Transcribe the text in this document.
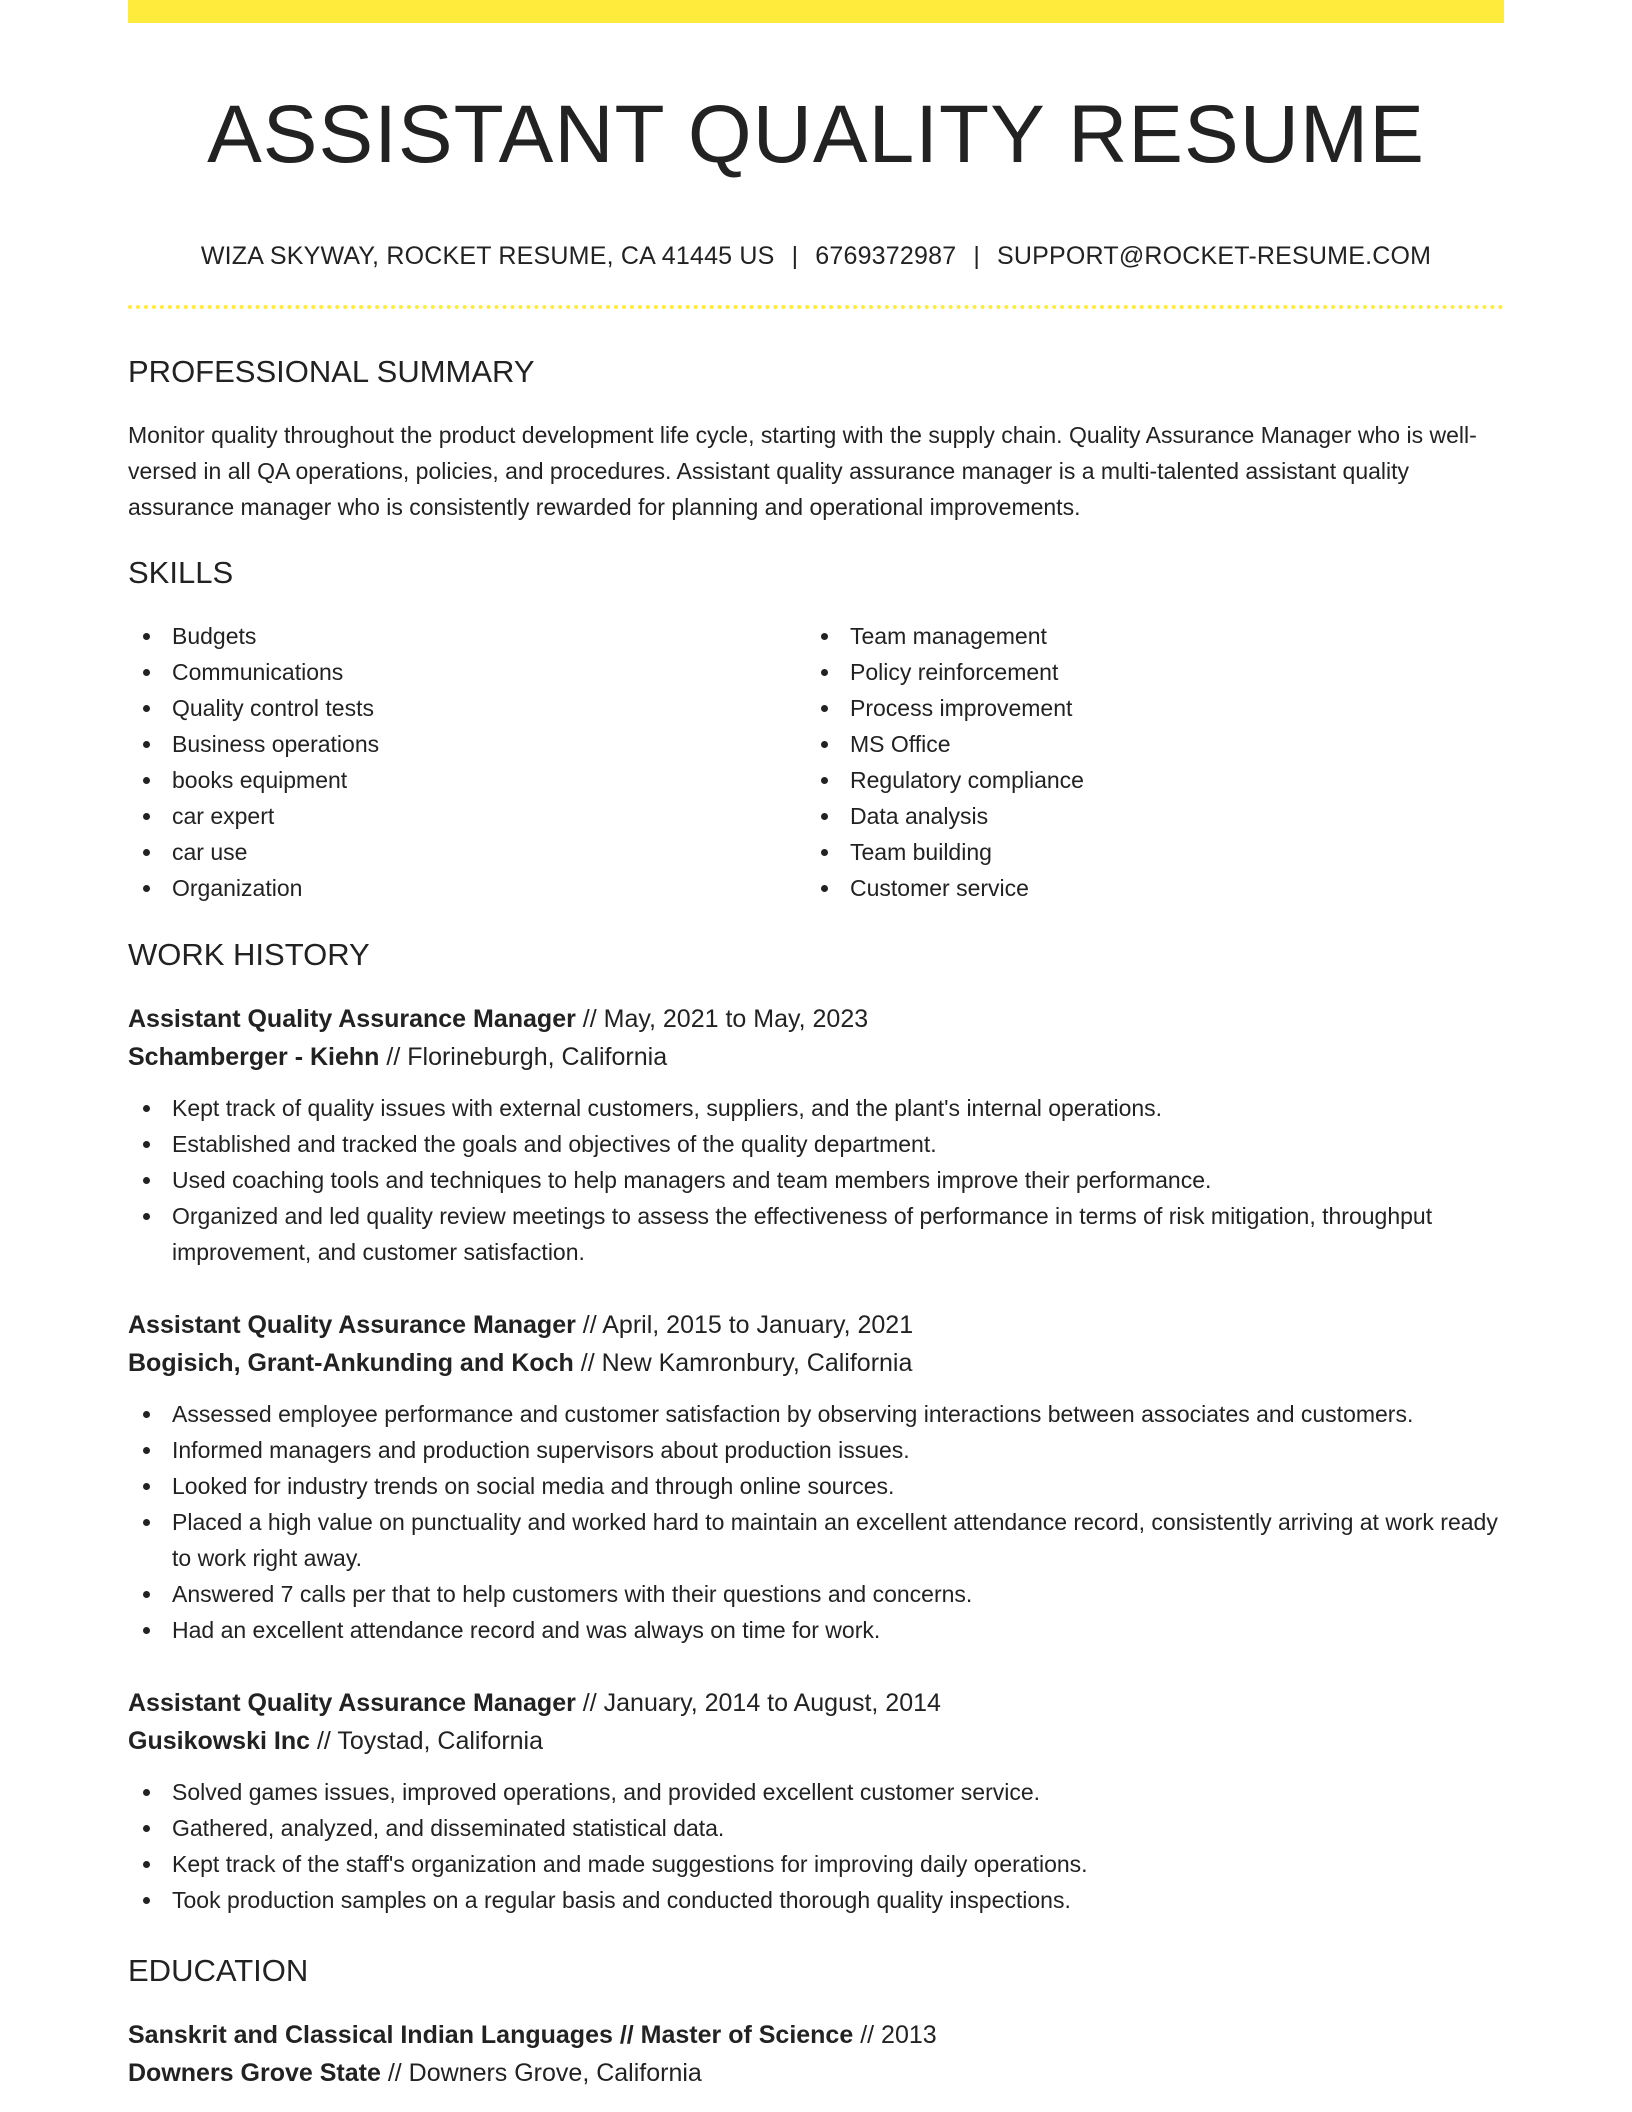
ASSISTANT QUALITY RESUME
WIZA SKYWAY, ROCKET RESUME, CA 41445 US | 6769372987 | SUPPORT@ROCKET-RESUME.COM
PROFESSIONAL SUMMARY

Monitor quality throughout the product development life cycle, starting with the supply chain. Quality Assurance Manager who is well-versed in all QA operations, policies, and procedures. Assistant quality assurance manager is a multi-talented assistant quality assurance manager who is consistently rewarded for planning and operational improvements.

SKILLS
Budgets
Communications
Quality control tests
Business operations
books equipment
car expert
car use
Organization
Team management
Policy reinforcement
Process improvement
MS Office
Regulatory compliance
Data analysis
Team building
Customer service
WORK HISTORY
Assistant Quality Assurance Manager // May, 2021 to May, 2023
Schamberger - Kiehn // Florineburgh, California
Kept track of quality issues with external customers, suppliers, and the plant's internal operations.
Established and tracked the goals and objectives of the quality department.
Used coaching tools and techniques to help managers and team members improve their performance.
Organized and led quality review meetings to assess the effectiveness of performance in terms of risk mitigation, throughput improvement, and customer satisfaction.
Assistant Quality Assurance Manager // April, 2015 to January, 2021
Bogisich, Grant-Ankunding and Koch // New Kamronbury, California
Assessed employee performance and customer satisfaction by observing interactions between associates and customers.
Informed managers and production supervisors about production issues.
Looked for industry trends on social media and through online sources.
Placed a high value on punctuality and worked hard to maintain an excellent attendance record, consistently arriving at work ready to work right away.
Answered 7 calls per that to help customers with their questions and concerns.
Had an excellent attendance record and was always on time for work.
Assistant Quality Assurance Manager // January, 2014 to August, 2014
Gusikowski Inc // Toystad, California
Solved games issues, improved operations, and provided excellent customer service.
Gathered, analyzed, and disseminated statistical data.
Kept track of the staff's organization and made suggestions for improving daily operations.
Took production samples on a regular basis and conducted thorough quality inspections.
EDUCATION
Sanskrit and Classical Indian Languages // Master of Science // 2013
Downers Grove State // Downers Grove, California
